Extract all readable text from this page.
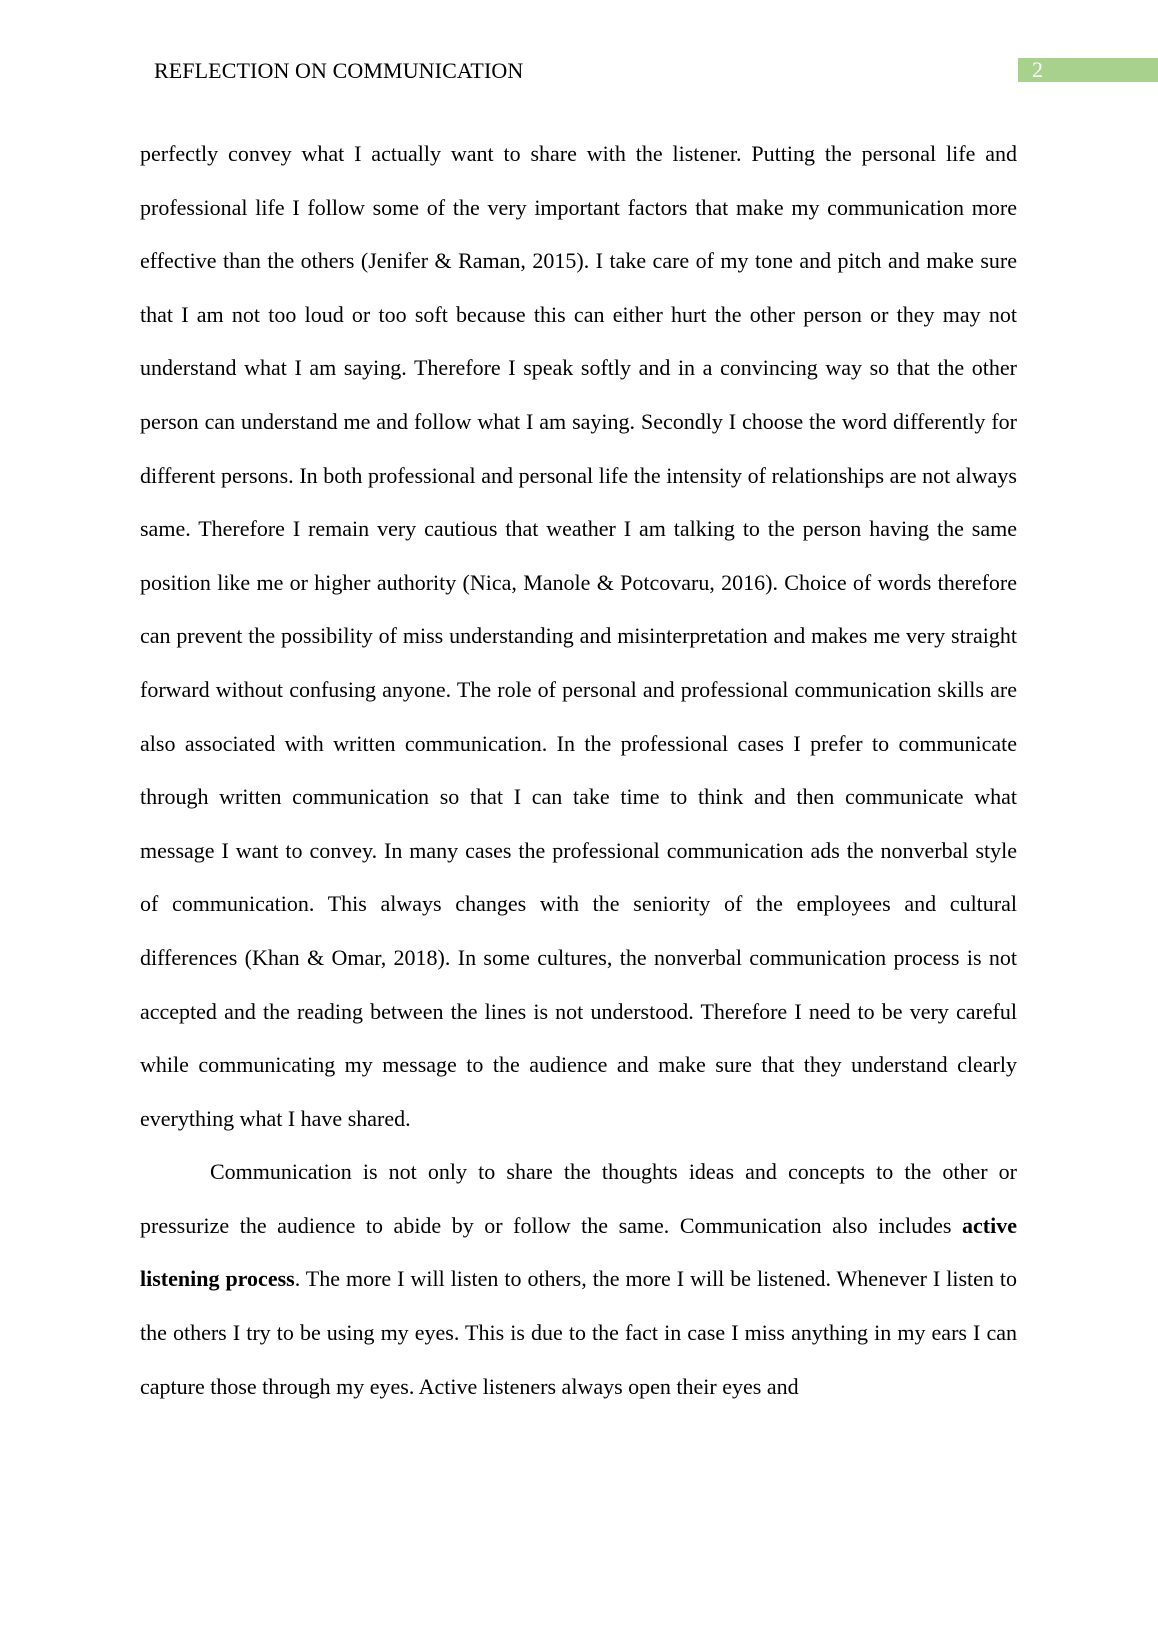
REFLECTION ON COMMUNICATION	2

perfectly convey what I actually want to share with the listener. Putting the personal life and professional life I follow some of the very important factors that make my communication more effective than the others (Jenifer & Raman, 2015). I take care of my tone and pitch and make sure that I am not too loud or too soft because this can either hurt the other person or they may not understand what I am saying. Therefore I speak softly and in a convincing way so that the other person can understand me and follow what I am saying. Secondly I choose the word differently for different persons. In both professional and personal life the intensity of relationships are not always same. Therefore I remain very cautious that weather I am talking to the person having the same position like me or higher authority (Nica, Manole & Potcovaru, 2016). Choice of words therefore can prevent the possibility of miss understanding and misinterpretation and makes me very straight forward without confusing anyone. The role of personal and professional communication skills are also associated with written communication. In the professional cases I prefer to communicate through written communication so that I can take time to think and then communicate what message I want to convey. In many cases the professional communication ads the nonverbal style of communication. This always changes with the seniority of the employees and cultural differences (Khan & Omar, 2018). In some cultures, the nonverbal communication process is not accepted and the reading between the lines is not understood. Therefore I need to be very careful while communicating my message to the audience and make sure that they understand clearly everything what I have shared.

Communication is not only to share the thoughts ideas and concepts to the other or pressurize the audience to abide by or follow the same. Communication also includes active listening process. The more I will listen to others, the more I will be listened. Whenever I listen to the others I try to be using my eyes. This is due to the fact in case I miss anything in my ears I can capture those through my eyes. Active listeners always open their eyes and
